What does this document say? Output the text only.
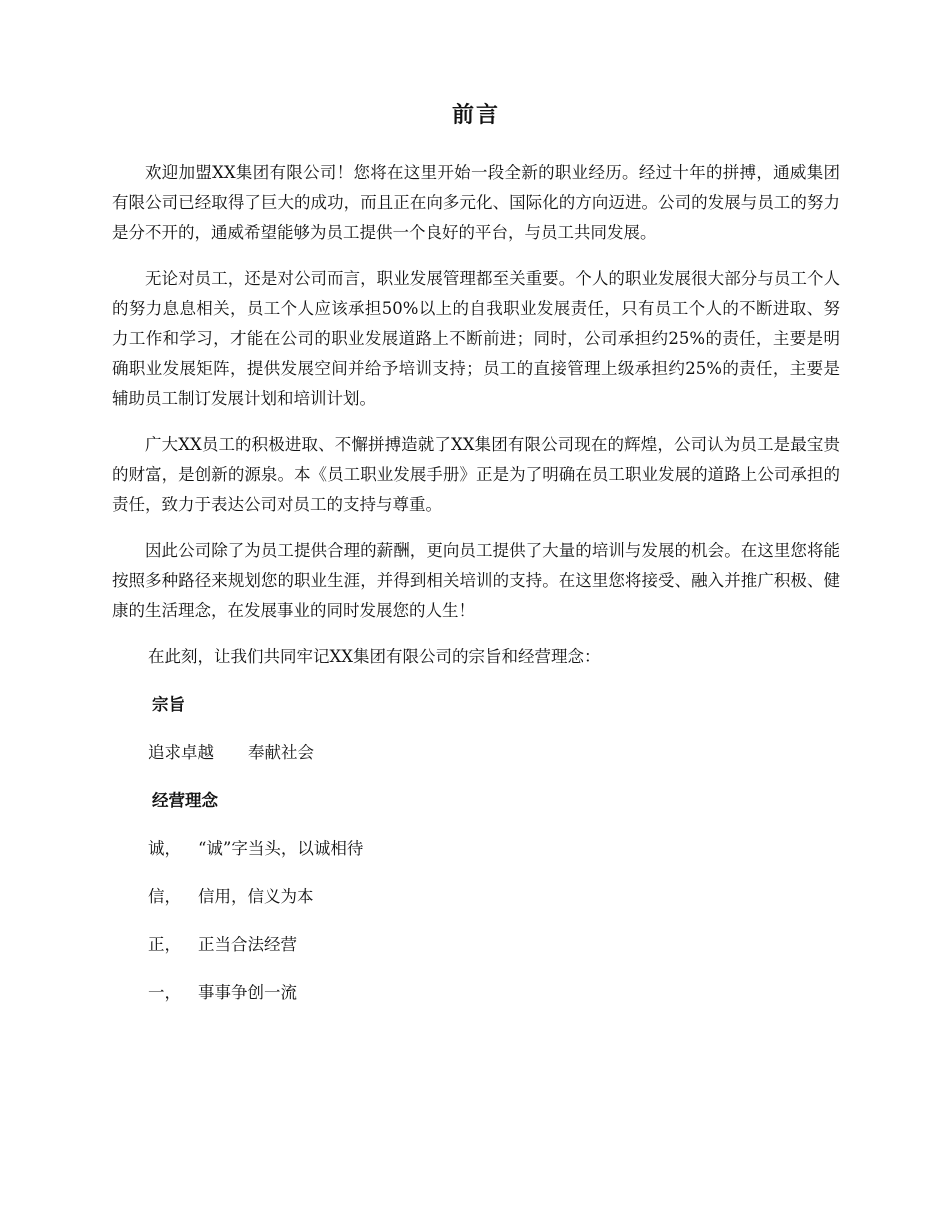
前言

欢迎加盟XX集团有限公司！您将在这里开始一段全新的职业经历。经过十年的拼搏，通威集团有限公司已经取得了巨大的成功，而且正在向多元化、国际化的方向迈进。公司的发展与员工的努力是分不开的，通威希望能够为员工提供一个良好的平台，与员工共同发展。

无论对员工，还是对公司而言，职业发展管理都至关重要。个人的职业发展很大部分与员工个人的努力息息相关，员工个人应该承担50%以上的自我职业发展责任，只有员工个人的不断进取、努力工作和学习，才能在公司的职业发展道路上不断前进；同时，公司承担约25%的责任，主要是明确职业发展矩阵，提供发展空间并给予培训支持；员工的直接管理上级承担约25%的责任，主要是辅助员工制订发展计划和培训计划。

广大XX员工的积极进取、不懈拼搏造就了XX集团有限公司现在的辉煌，公司认为员工是最宝贵的财富，是创新的源泉。本《员工职业发展手册》正是为了明确在员工职业发展的道路上公司承担的责任，致力于表达公司对员工的支持与尊重。

因此公司除了为员工提供合理的薪酬，更向员工提供了大量的培训与发展的机会。在这里您将能按照多种路径来规划您的职业生涯，并得到相关培训的支持。在这里您将接受、融入并推广积极、健康的生活理念，在发展事业的同时发展您的人生！

在此刻，让我们共同牢记XX集团有限公司的宗旨和经营理念：

宗旨

追求卓越 奉献社会

经营理念

诚， “诚”字当头，以诚相待

信， 信用，信义为本

正， 正当合法经营

一， 事事争创一流
